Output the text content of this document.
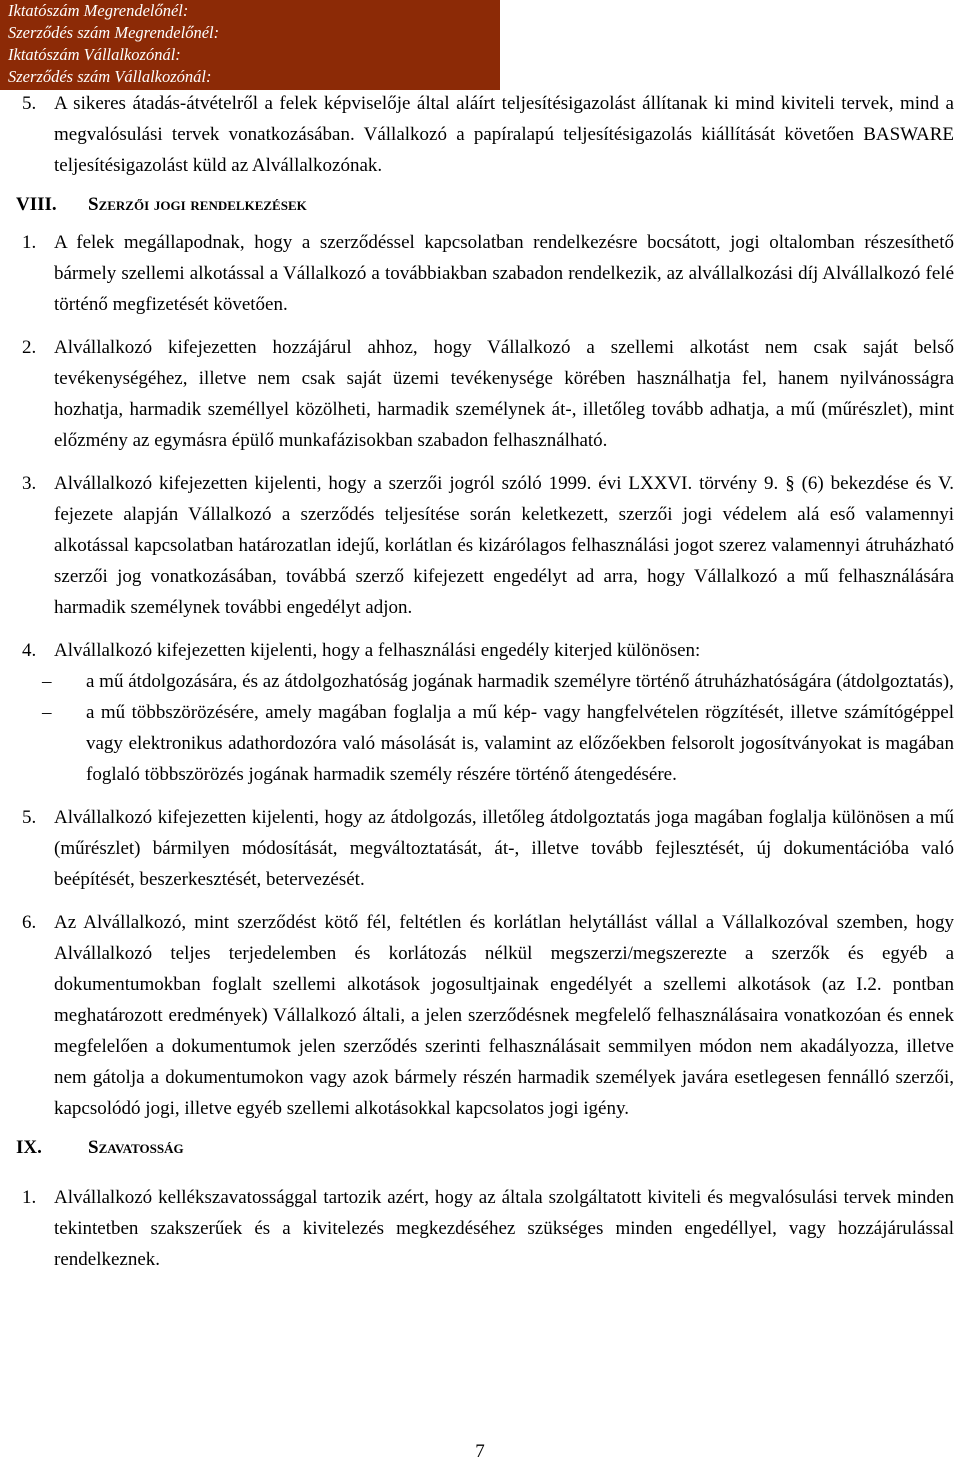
Iktatószám Megrendelőnél:
Szerződés szám Megrendelőnél:
Iktatószám Vállalkozónál:
Szerződés szám Vállalkozónál:
5. A sikeres átadás-átvételről a felek képviselője által aláírt teljesítésigazolást állítanak ki mind kiviteli tervek, mind a megvalósulási tervek vonatkozásában. Vállalkozó a papíralapú teljesítésigazolás kiállítását követően BASWARE teljesítésigazolást küld az Alvállalkozónak.
VIII. Szerzői jogi rendelkezések
1. A felek megállapodnak, hogy a szerződéssel kapcsolatban rendelkezésre bocsátott, jogi oltalomban részesíthető bármely szellemi alkotással a Vállalkozó a továbbiakban szabadon rendelkezik, az alvállalkozási díj Alvállalkozó felé történő megfizetését követően.
2. Alvállalkozó kifejezetten hozzájárul ahhoz, hogy Vállalkozó a szellemi alkotást nem csak saját belső tevékenységéhez, illetve nem csak saját üzemi tevékenysége körében használhatja fel, hanem nyilvánosságra hozhatja, harmadik személlyel közölheti, harmadik személynek át-, illetőleg tovább adhatja, a mű (műrészlet), mint előzmény az egymásra épülő munkafázisokban szabadon felhasználható.
3. Alvállalkozó kifejezetten kijelenti, hogy a szerzői jogról szóló 1999. évi LXXVI. törvény 9. § (6) bekezdése és V. fejezete alapján Vállalkozó a szerződés teljesítése során keletkezett, szerzői jogi védelem alá eső valamennyi alkotással kapcsolatban határozatlan idejű, korlátlan és kizárólagos felhasználási jogot szerez valamennyi átruházható szerzői jog vonatkozásában, továbbá szerző kifejezett engedélyt ad arra, hogy Vállalkozó a mű felhasználására harmadik személynek további engedélyt adjon.
4. Alvállalkozó kifejezetten kijelenti, hogy a felhasználási engedély kiterjed különösen:
– a mű átdolgozására, és az átdolgozhatóság jogának harmadik személyre történő átruházhatóságára (átdolgoztatás),
– a mű többszörözésére, amely magában foglalja a mű kép- vagy hangfelvételen rögzítését, illetve számítógéppel vagy elektronikus adathordozóra való másolását is, valamint az előzőekben felsorolt jogosítványokat is magában foglaló többszörözés jogának harmadik személy részére történő átengedésére.
5. Alvállalkozó kifejezetten kijelenti, hogy az átdolgozás, illetőleg átdolgoztatás joga magában foglalja különösen a mű (műrészlet) bármilyen módosítását, megváltoztatását, át-, illetve tovább fejlesztését, új dokumentációba való beépítését, beszerkesztését, betervezését.
6. Az Alvállalkozó, mint szerződést kötő fél, feltétlen és korlátlan helytállást vállal a Vállalkozóval szemben, hogy Alvállalkozó teljes terjedelemben és korlátozás nélkül megszerzi/megszerezte a szerzők és egyéb a dokumentumokban foglalt szellemi alkotások jogosultjainak engedélyét a szellemi alkotások (az I.2. pontban meghatározott eredmények) Vállalkozó általi, a jelen szerződésnek megfelelő felhasználásaira vonatkozóan és ennek megfelelően a dokumentumok jelen szerződés szerinti felhasználásait semmilyen módon nem akadályozza, illetve nem gátolja a dokumentumokon vagy azok bármely részén harmadik személyek javára esetlegesen fennálló szerzői, kapcsolódó jogi, illetve egyéb szellemi alkotásokkal kapcsolatos jogi igény.
IX. Szavatosság
1. Alvállalkozó kellékszavatossággal tartozik azért, hogy az általa szolgáltatott kiviteli és megvalósulási tervek minden tekintetben szakszerűek és a kivitelezés megkezdéséhez szükséges minden engedéllyel, vagy hozzájárulással rendelkeznek.
7
